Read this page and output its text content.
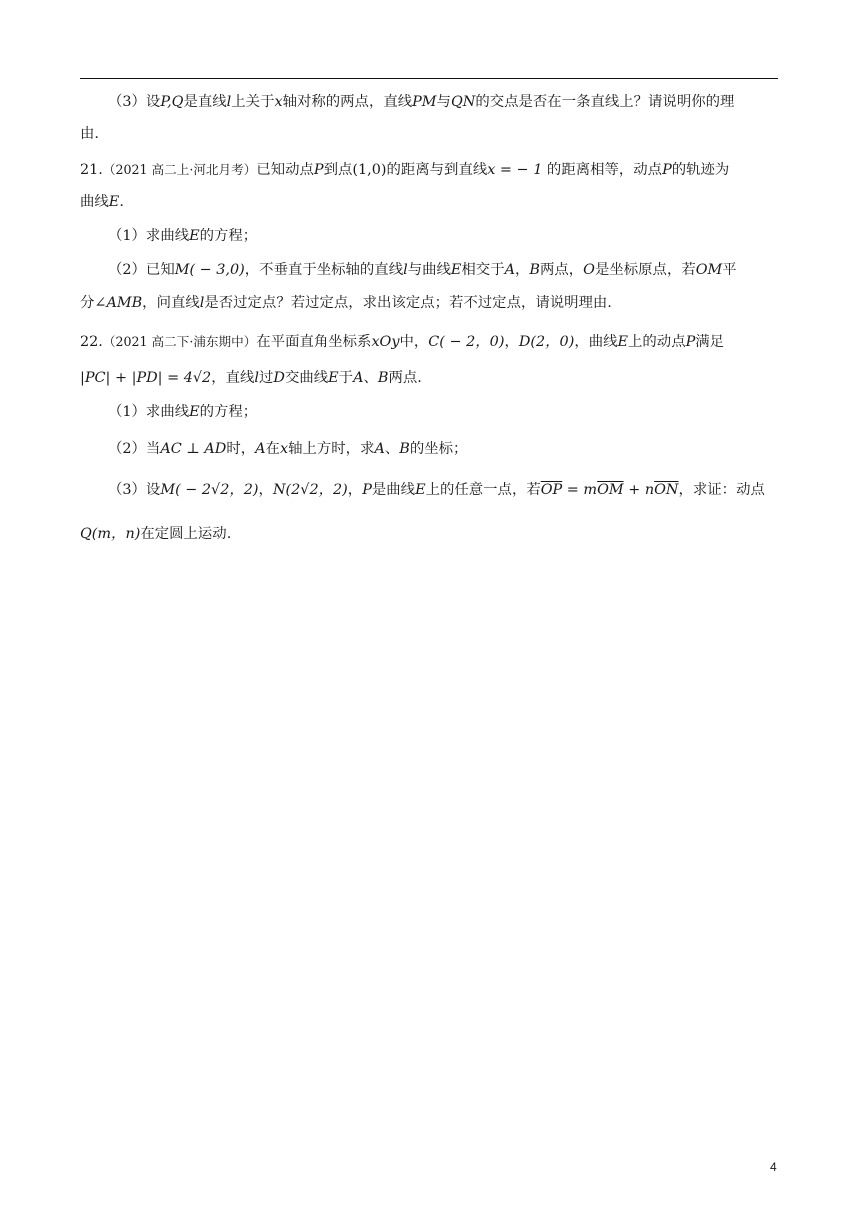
（3）设P,Q是直线l上关于x轴对称的两点，直线PM与QN的交点是否在一条直线上？请说明你的理
由.
21.（2021 高二上·河北月考）已知动点P到点(1,0)的距离与到直线x = − 1 的距离相等，动点P的轨迹为
曲线E.
（1）求曲线E的方程；
（2）已知M( − 3,0)，不垂直于坐标轴的直线l与曲线E相交于A，B两点，O是坐标原点，若OM平
分∠AMB，问直线l是否过定点？若过定点，求出该定点；若不过定点，请说明理由.
22.（2021 高二下·浦东期中）在平面直角坐标系xOy中，C( − 2，0)，D(2，0)，曲线E上的动点P满足
|PC| + |PD| = 4√2，直线l过D交曲线E于A、B两点.
（1）求曲线E的方程；
（2）当AC ⊥ AD时，A在x轴上方时，求A、B的坐标；
（3）设M( − 2√2，2)，N(2√2，2)，P是曲线E上的任意一点，若$\overline{OP} = m\overline{OM} + n\overline{ON}$，求证：动点
Q(m，n)在定圆上运动.
4
